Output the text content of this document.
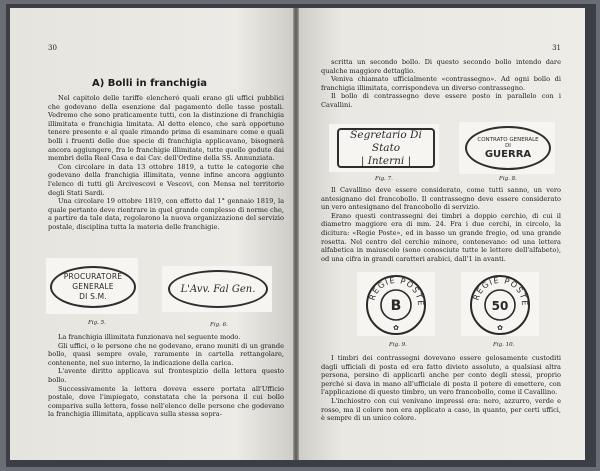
30
A) Bolli in franchigia

Nel capitolo delle tariffe elencheró quali erano gli uffici pubblici che godevano della esenzione dal pagamento delle tasse postali. Vedremo che sono praticamente tutti, con la distinzione di franchigia illimitata e franchigia limitata. Al detto elenco, che sarà opportuno tenere presente e al quale rimando prima di esaminare come e quali bolli i fruenti delle due specie di franchigia applicavano, bisognerà ancora aggiungere, fra le franchigie illimitate, tutte quelle godute dai membri della Real Casa e dai Cav. dell'Ordine della SS. Annunziata.

Con circolare in data 13 ottobre 1819, a tutte le categorie che godevano della franchigia illimitata, venne infine ancora aggiunto l'elenco di tutti gli Arcivescovi e Vescovi, con Mensa nel territorio degli Stati Sardi.

Una circolare 19 ottobre 1819, con effetto dal 1° gennaio 1819, la quale pertanto deve rientrare in quel grande complesso di norme che, a partire da tale data, regolarono la nuova organizzazione del servizio postale, disciplina tutta la materia delle franchigie.

PROCURATORE GENERALE
DI S.M.
Fig. 5.
L'Avv. Fal Gen.
Fig. 6.

La franchigia illimitata funzionava nel seguente modo.

Gli uffici, o le persone che ne godevano, erano muniti di un grande bollo, quasi sempre ovale, raramente in cartella rettangolare, contenente, nel suo interno, la indicazione della carica.

L'avente diritto applicava sul frontespizio della lettera questo bollo.

Successivamente la lettera doveva essere portata all'Ufficio postale, dove l'impiegato, constatata che la persona il cui bollo compariva sulla lettera, fosse nell'elenco delle persone che godevano la franchigia illimitata, applicava sulla stessa sopra-

31

scritta un secondo bollo. Di questo secondo bollo intendo dare qualche maggiore dettaglio.

Veniva chiamato ufficialmente «contrassegno». Ad ogni bollo di franchigia illimitata, corrispondeva un diverso contrassegno.

Il bollo di contrassegno deve essere posto in parallelo con i Cavallini.

Segretario Di Stato
| Interni |
Fig. 7.
CONTRATO GENERALE
DI
GUERRA
Fig. 8.

Il Cavallino deve essere considerato, come tutti sanno, un vero antesignano del francobollo. Il contrassegno deve essere considerato un vero antesignano del francobollo di servizio.

Erano questi contrassegni dei timbri a doppio cerchio, di cui il diametro maggiore era di mm. 24. Fra i due cerchi, in circolo, la dicitura: «Regie Poste», ed in basso un grande fregio, od una grande rosetta. Nel centro del cerchio minore, contenevano: od una lettera alfabetica in maiuscolo (sono conosciute tutte le lettere dell'alfabeto), od una cifra in grandi caratteri arabici, dall'1 in avanti.

REGIE POSTE
B
✿
Fig. 9.
REGIE POSTE
50
✿
Fig. 10.

I timbri dei contrassegni dovevano essere gelosamente custoditi dagli ufficiali di posta ed era fatto divieto assoluto, a qualsiasi altra persona, persino di applicarli anche per conto degli stessi, proprio perché si dava in mano all'ufficiale di posta il potere di emettere, con l'applicazione di questo timbro, un vero francobollo, come il Cavallino.

L'inchiostro con cui venivano impressi era: nero, azzurro, verde e rosso, ma il colore non era applicato a caso, in quanto, per certi uffici, è sempre di un unico colore.
